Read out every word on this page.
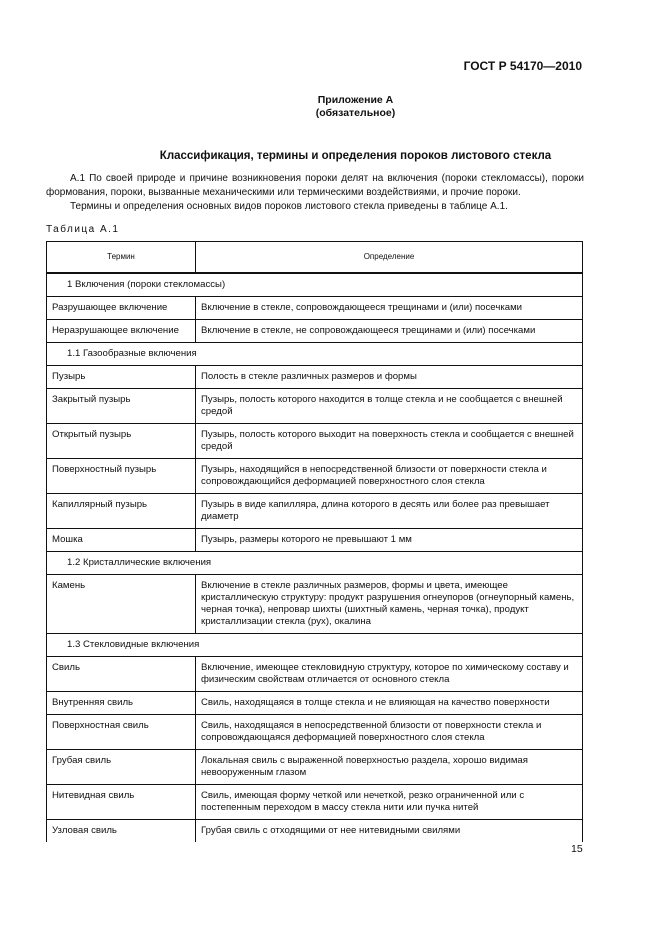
ГОСТ Р 54170—2010
Приложение А
(обязательное)
Классификация, термины и определения пороков листового стекла
А.1 По своей природе и причине возникновения пороки делят на включения (пороки стекломассы), пороки формования, пороки, вызванные механическими или термическими воздействиями, и прочие пороки.
Термины и определения основных видов пороков листового стекла приведены в таблице А.1.
Таблица А.1
Термин	Определение
1 Включения (пороки стекломассы)	
Разрушающее включение	Включение в стекле, сопровождающееся трещинами и (или) посечками
Неразрушающее включение	Включение в стекле, не сопровождающееся трещинами и (или) посечками
1.1 Газообразные включения	
Пузырь	Полость в стекле различных размеров и формы
Закрытый пузырь	Пузырь, полость которого находится в толще стекла и не сообщается с внешней средой
Открытый пузырь	Пузырь, полость которого выходит на поверхность стекла и сообщается с внешней средой
Поверхностный пузырь	Пузырь, находящийся в непосредственной близости от поверхности стекла и сопровождающийся деформацией поверхностного слоя стекла
Капиллярный пузырь	Пузырь в виде капилляра, длина которого в десять или более раз превышает диаметр
Мошка	Пузырь, размеры которого не превышают 1 мм
1.2 Кристаллические включения	
Камень	Включение в стекле различных размеров, формы и цвета, имеющее кристаллическую структуру: продукт разрушения огнеупоров (огнеупорный камень, черная точка), непровар шихты (шихтный камень, черная точка), продукт кристаллизации стекла (рух), окалина
1.3 Стекловидные включения	
Свиль	Включение, имеющее стекловидную структуру, которое по химическому составу и физическим свойствам отличается от основного стекла
Внутренняя свиль	Свиль, находящаяся в толще стекла и не влияющая на качество поверхности
Поверхностная свиль	Свиль, находящаяся в непосредственной близости от поверхности стекла и сопровождающаяся деформацией поверхностного слоя стекла
Грубая свиль	Локальная свиль с выраженной поверхностью раздела, хорошо видимая невооруженным глазом
Нитевидная свиль	Свиль, имеющая форму четкой или нечеткой, резко ограниченной или с постепенным переходом в массу стекла нити или пучка нитей
Узловая свиль	Грубая свиль с отходящими от нее нитевидными свилями
15
